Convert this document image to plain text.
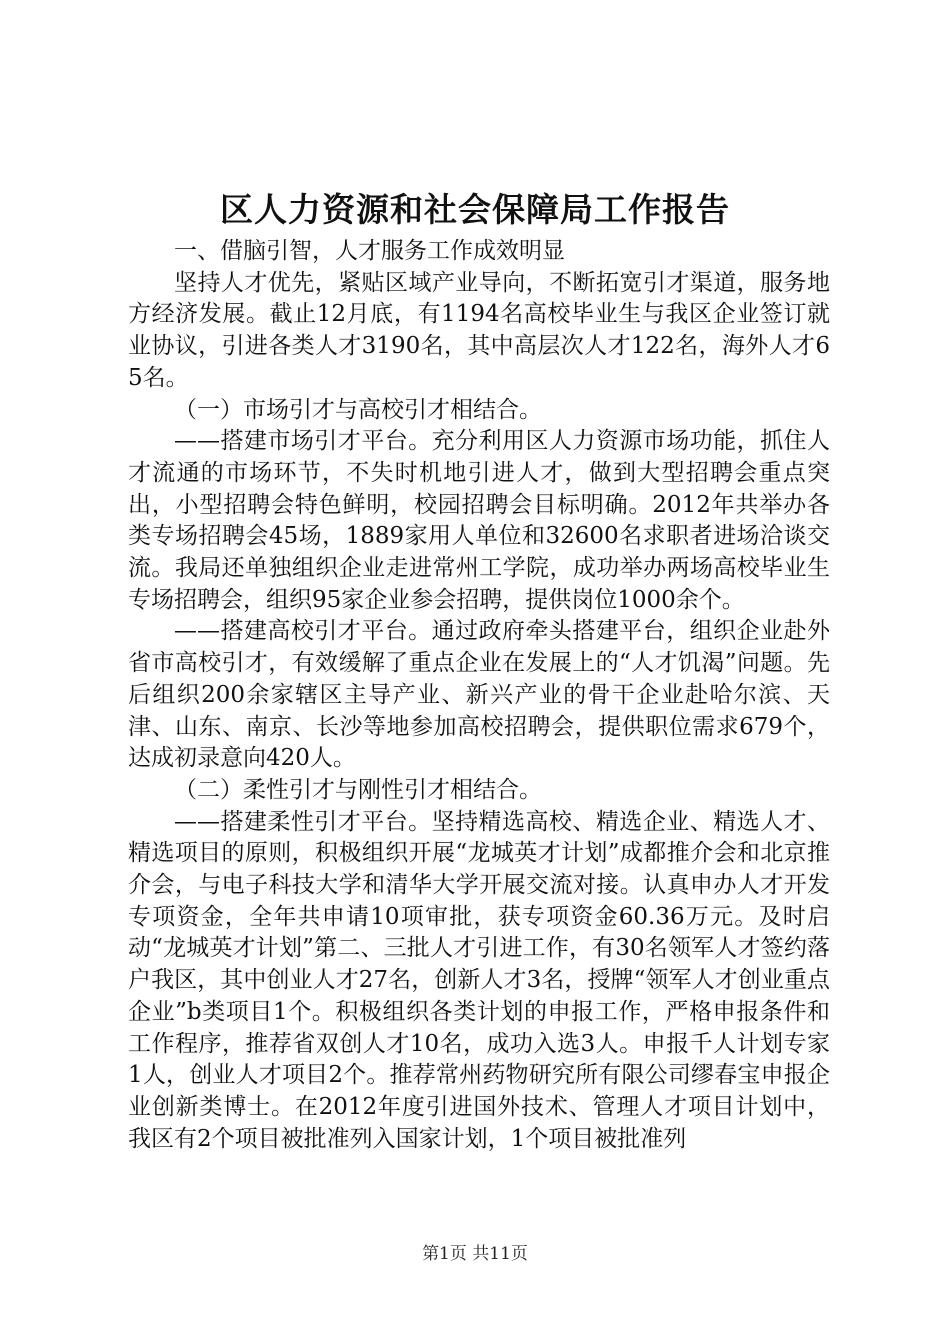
区人力资源和社会保障局工作报告

一、借脑引智，人才服务工作成效明显

坚持人才优先，紧贴区域产业导向，不断拓宽引才渠道，服务地方经济发展。截止12月底，有1194名高校毕业生与我区企业签订就业协议，引进各类人才3190名，其中高层次人才122名，海外人才65名。

（一）市场引才与高校引才相结合。

——搭建市场引才平台。充分利用区人力资源市场功能，抓住人才流通的市场环节，不失时机地引进人才，做到大型招聘会重点突出，小型招聘会特色鲜明，校园招聘会目标明确。2012年共举办各类专场招聘会45场，1889家用人单位和32600名求职者进场洽谈交流。我局还单独组织企业走进常州工学院，成功举办两场高校毕业生专场招聘会，组织95家企业参会招聘，提供岗位1000余个。

——搭建高校引才平台。通过政府牵头搭建平台，组织企业赴外省市高校引才，有效缓解了重点企业在发展上的“人才饥渴”问题。先后组织200余家辖区主导产业、新兴产业的骨干企业赴哈尔滨、天津、山东、南京、长沙等地参加高校招聘会，提供职位需求679个，达成初录意向420人。

（二）柔性引才与刚性引才相结合。

——搭建柔性引才平台。坚持精选高校、精选企业、精选人才、精选项目的原则，积极组织开展“龙城英才计划”成都推介会和北京推介会，与电子科技大学和清华大学开展交流对接。认真申办人才开发专项资金，全年共申请10项审批，获专项资金60.36万元。及时启动“龙城英才计划”第二、三批人才引进工作，有30名领军人才签约落户我区，其中创业人才27名，创新人才3名，授牌“领军人才创业重点企业”b类项目1个。积极组织各类计划的申报工作，严格申报条件和工作程序，推荐省双创人才10名，成功入选3人。申报千人计划专家1人，创业人才项目2个。推荐常州药物研究所有限公司缪春宝申报企业创新类博士。在2012年度引进国外技术、管理人才项目计划中，我区有2个项目被批准列入国家计划，1个项目被批准列

第1页 共11页
